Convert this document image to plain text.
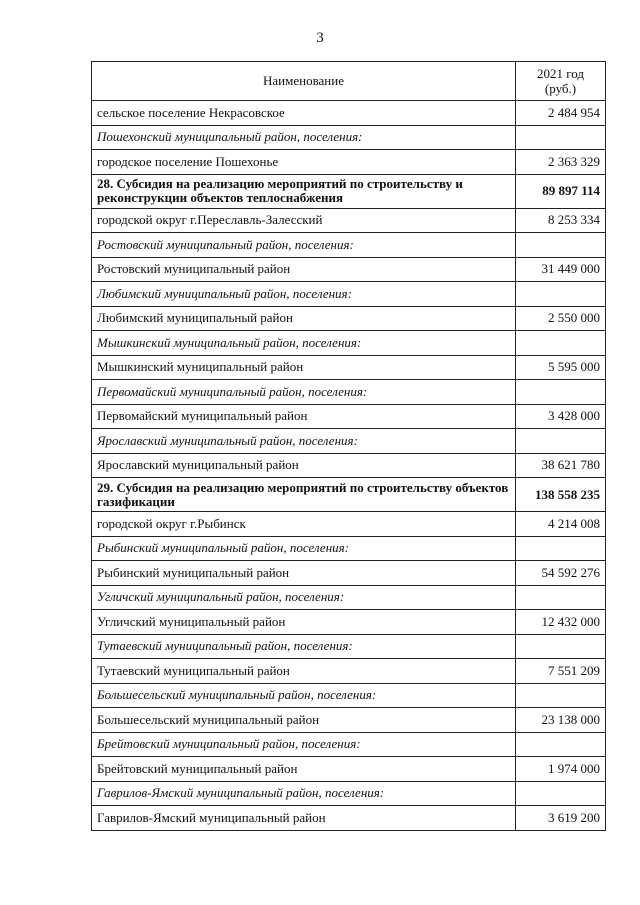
3
Наименование	2021 год
(руб.)
сельское поселение Некрасовское	2 484 954
Пошехонский муниципальный район, поселения:	
городское поселение Пошехонье	2 363 329
28. Субсидия на реализацию мероприятий по строительству и реконструкции объектов теплоснабжения	89 897 114
городской округ г.Переславль-Залесский	8 253 334
Ростовский муниципальный район, поселения:	
Ростовский муниципальный район	31 449 000
Любимский муниципальный район, поселения:	
Любимский муниципальный район	2 550 000
Мышкинский муниципальный район, поселения:	
Мышкинский муниципальный район	5 595 000
Первомайский муниципальный район, поселения:	
Первомайский муниципальный район	3 428 000
Ярославский муниципальный район, поселения:	
Ярославский муниципальный район	38 621 780
29. Субсидия на реализацию мероприятий по строительству объектов газификации	138 558 235
городской округ г.Рыбинск	4 214 008
Рыбинский муниципальный район, поселения:	
Рыбинский муниципальный район	54 592 276
Угличский муниципальный район, поселения:	
Угличский муниципальный район	12 432 000
Тутаевский муниципальный район, поселения:	
Тутаевский муниципальный район	7 551 209
Большесельский муниципальный район, поселения:	
Большесельский муниципальный район	23 138 000
Брейтовский муниципальный район, поселения:	
Брейтовский муниципальный район	1 974 000
Гаврилов-Ямский муниципальный район, поселения:	
Гаврилов-Ямский муниципальный район	3 619 200
